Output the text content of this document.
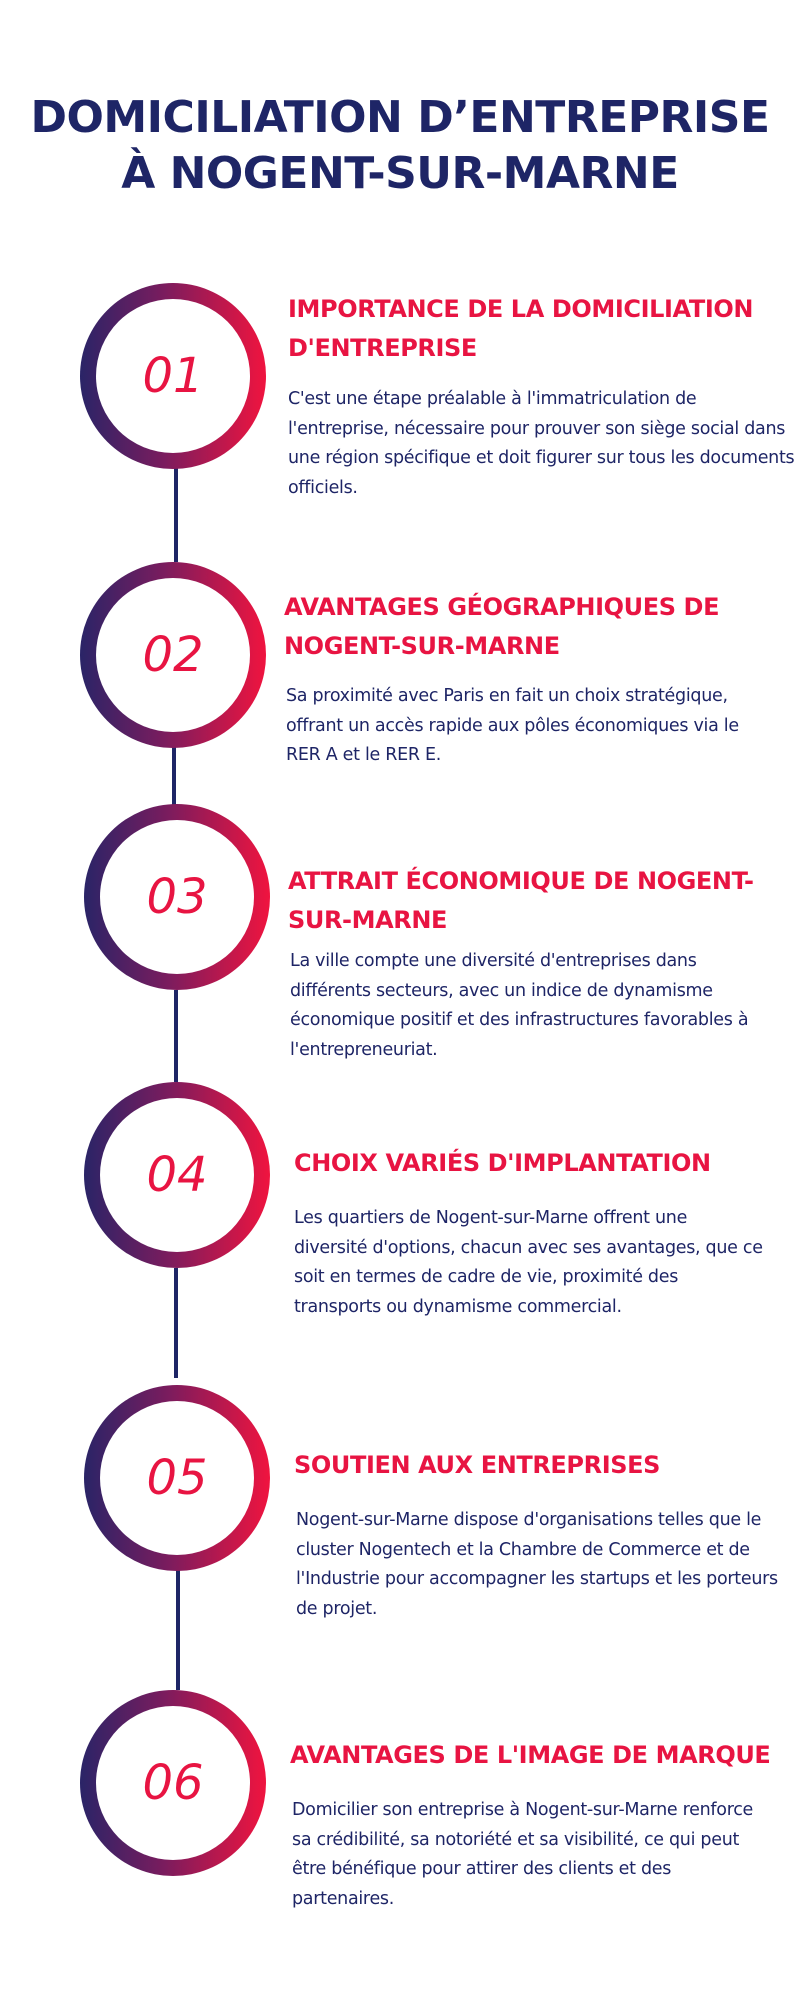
DOMICILIATION D’ENTREPRISE
À NOGENT-SUR-MARNE
01
IMPORTANCE DE LA DOMICILIATION D'ENTREPRISE

C'est une étape préalable à l'immatriculation de l'entreprise, nécessaire pour prouver son siège social dans une région spécifique et doit figurer sur tous les documents officiels.

02
AVANTAGES GÉOGRAPHIQUES DE NOGENT-SUR-MARNE

Sa proximité avec Paris en fait un choix stratégique, offrant un accès rapide aux pôles économiques via le RER A et le RER E.

03	ATTRAIT ÉCONOMIQUE DE NOGENT-SUR-MARNE

La ville compte une diversité d'entreprises dans différents secteurs, avec un indice de dynamisme économique positif et des infrastructures favorables à l'entrepreneuriat.

04	CHOIX VARIÉS D'IMPLANTATION

Les quartiers de Nogent-sur-Marne offrent une diversité d'options, chacun avec ses avantages, que ce soit en termes de cadre de vie, proximité des transports ou dynamisme commercial.

05	SOUTIEN AUX ENTREPRISES

Nogent-sur-Marne dispose d'organisations telles que le cluster Nogentech et la Chambre de Commerce et de l'Industrie pour accompagner les startups et les porteurs de projet.

06	AVANTAGES DE L'IMAGE DE MARQUE

Domicilier son entreprise à Nogent-sur-Marne renforce sa crédibilité, sa notoriété et sa visibilité, ce qui peut être bénéfique pour attirer des clients et des partenaires.
